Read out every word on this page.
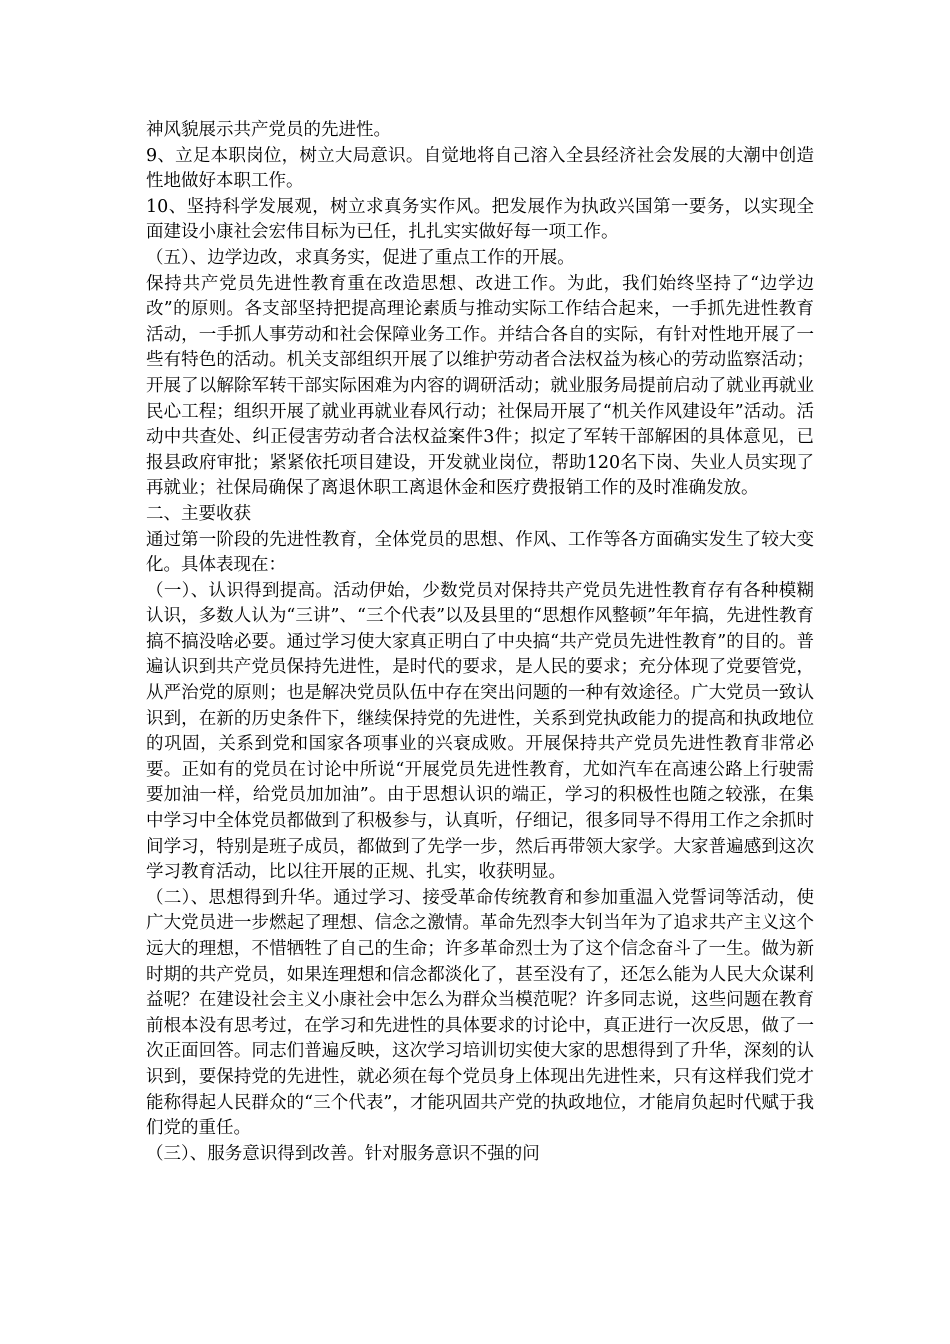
神风貌展示共产党员的先进性。

9、立足本职岗位，树立大局意识。自觉地将自己溶入全县经济社会发展的大潮中创造性地做好本职工作。

10、坚持科学发展观，树立求真务实作风。把发展作为执政兴国第一要务，以实现全面建设小康社会宏伟目标为已任，扎扎实实做好每一项工作。

（五）、边学边改，求真务实，促进了重点工作的开展。

保持共产党员先进性教育重在改造思想、改进工作。为此，我们始终坚持了“边学边改”的原则。各支部坚持把提高理论素质与推动实际工作结合起来，一手抓先进性教育活动，一手抓人事劳动和社会保障业务工作。并结合各自的实际，有针对性地开展了一些有特色的活动。机关支部组织开展了以维护劳动者合法权益为核心的劳动监察活动；开展了以解除军转干部实际困难为内容的调研活动；就业服务局提前启动了就业再就业民心工程；组织开展了就业再就业春风行动；社保局开展了“机关作风建设年”活动。活动中共查处、纠正侵害劳动者合法权益案件3件；拟定了军转干部解困的具体意见，已报县政府审批；紧紧依托项目建设，开发就业岗位，帮助120名下岗、失业人员实现了再就业；社保局确保了离退休职工离退休金和医疗费报销工作的及时准确发放。

二、主要收获

通过第一阶段的先进性教育，全体党员的思想、作风、工作等各方面确实发生了较大变化。具体表现在：

（一）、认识得到提高。活动伊始，少数党员对保持共产党员先进性教育存有各种模糊认识，多数人认为“三讲”、“三个代表”以及县里的“思想作风整顿”年年搞，先进性教育搞不搞没啥必要。通过学习使大家真正明白了中央搞“共产党员先进性教育”的目的。普遍认识到共产党员保持先进性，是时代的要求，是人民的要求；充分体现了党要管党，从严治党的原则；也是解决党员队伍中存在突出问题的一种有效途径。广大党员一致认识到，在新的历史条件下，继续保持党的先进性，关系到党执政能力的提高和执政地位的巩固，关系到党和国家各项事业的兴衰成败。开展保持共产党员先进性教育非常必要。正如有的党员在讨论中所说“开展党员先进性教育，尤如汽车在高速公路上行驶需要加油一样，给党员加加油”。由于思想认识的端正，学习的积极性也随之较涨，在集中学习中全体党员都做到了积极参与，认真听，仔细记，很多同导不得用工作之余抓时间学习，特别是班子成员，都做到了先学一步，然后再带领大家学。大家普遍感到这次学习教育活动，比以往开展的正规、扎实，收获明显。

（二）、思想得到升华。通过学习、接受革命传统教育和参加重温入党誓词等活动，使广大党员进一步燃起了理想、信念之激情。革命先烈李大钊当年为了追求共产主义这个远大的理想，不惜牺牲了自己的生命；许多革命烈士为了这个信念奋斗了一生。做为新时期的共产党员，如果连理想和信念都淡化了，甚至没有了，还怎么能为人民大众谋利益呢？在建设社会主义小康社会中怎么为群众当模范呢？许多同志说，这些问题在教育前根本没有思考过，在学习和先进性的具体要求的讨论中，真正进行一次反思，做了一次正面回答。同志们普遍反映，这次学习培训切实使大家的思想得到了升华，深刻的认识到，要保持党的先进性，就必须在每个党员身上体现出先进性来，只有这样我们党才能称得起人民群众的“三个代表”，才能巩固共产党的执政地位，才能肩负起时代赋于我们党的重任。

（三）、服务意识得到改善。针对服务意识不强的问
